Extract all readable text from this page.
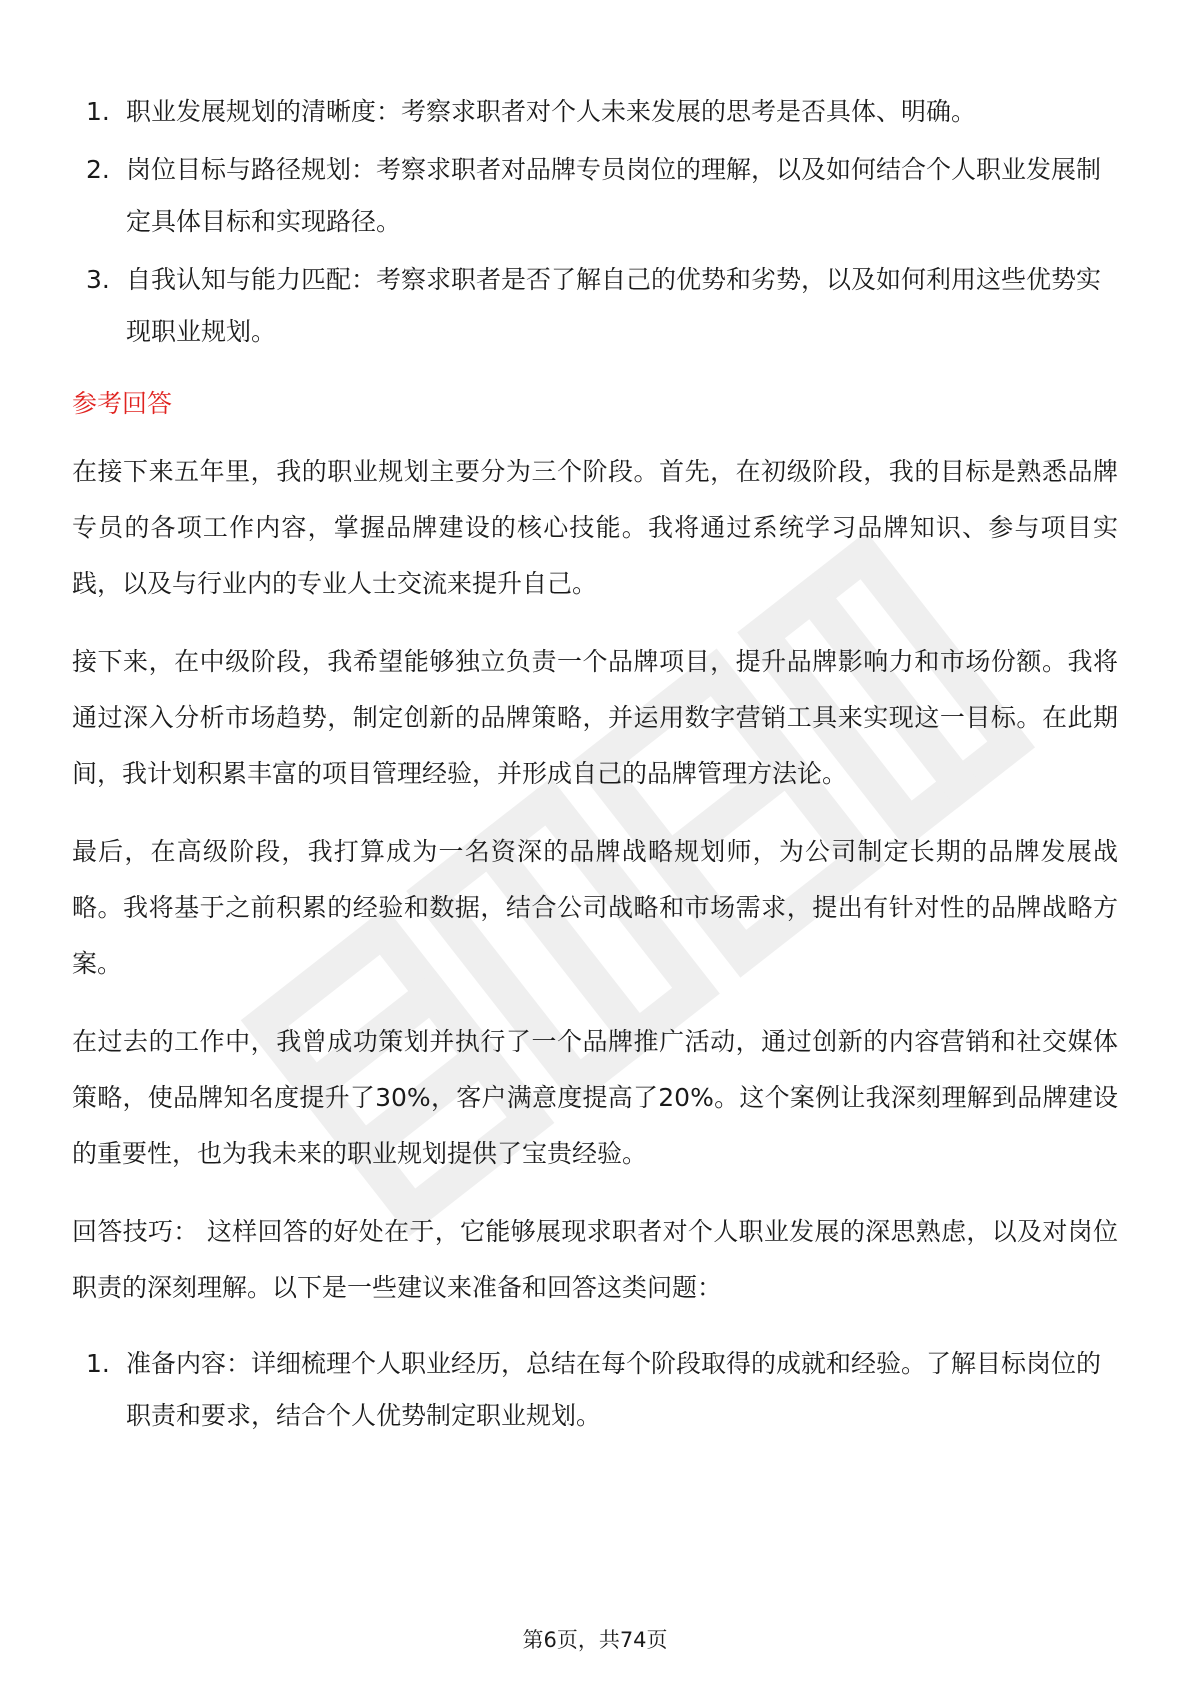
1. 职业发展规划的清晰度：考察求职者对个人未来发展的思考是否具体、明确。
2. 岗位目标与路径规划：考察求职者对品牌专员岗位的理解，以及如何结合个人职业发展制定具体目标和实现路径。
3. 自我认知与能力匹配：考察求职者是否了解自己的优势和劣势，以及如何利用这些优势实现职业规划。
参考回答

在接下来五年里，我的职业规划主要分为三个阶段。首先，在初级阶段，我的目标是熟悉品牌专员的各项工作内容，掌握品牌建设的核心技能。我将通过系统学习品牌知识、参与项目实践，以及与行业内的专业人士交流来提升自己。

接下来，在中级阶段，我希望能够独立负责一个品牌项目，提升品牌影响力和市场份额。我将通过深入分析市场趋势，制定创新的品牌策略，并运用数字营销工具来实现这一目标。在此期间，我计划积累丰富的项目管理经验，并形成自己的品牌管理方法论。

最后，在高级阶段，我打算成为一名资深的品牌战略规划师，为公司制定长期的品牌发展战略。我将基于之前积累的经验和数据，结合公司战略和市场需求，提出有针对性的品牌战略方案。

在过去的工作中，我曾成功策划并执行了一个品牌推广活动，通过创新的内容营销和社交媒体策略，使品牌知名度提升了30%，客户满意度提高了20%。这个案例让我深刻理解到品牌建设的重要性，也为我未来的职业规划提供了宝贵经验。

回答技巧： 这样回答的好处在于，它能够展现求职者对个人职业发展的深思熟虑，以及对岗位职责的深刻理解。以下是一些建议来准备和回答这类问题：

1. 准备内容：详细梳理个人职业经历，总结在每个阶段取得的成就和经验。了解目标岗位的职责和要求，结合个人优势制定职业规划。
第6页，共74页
